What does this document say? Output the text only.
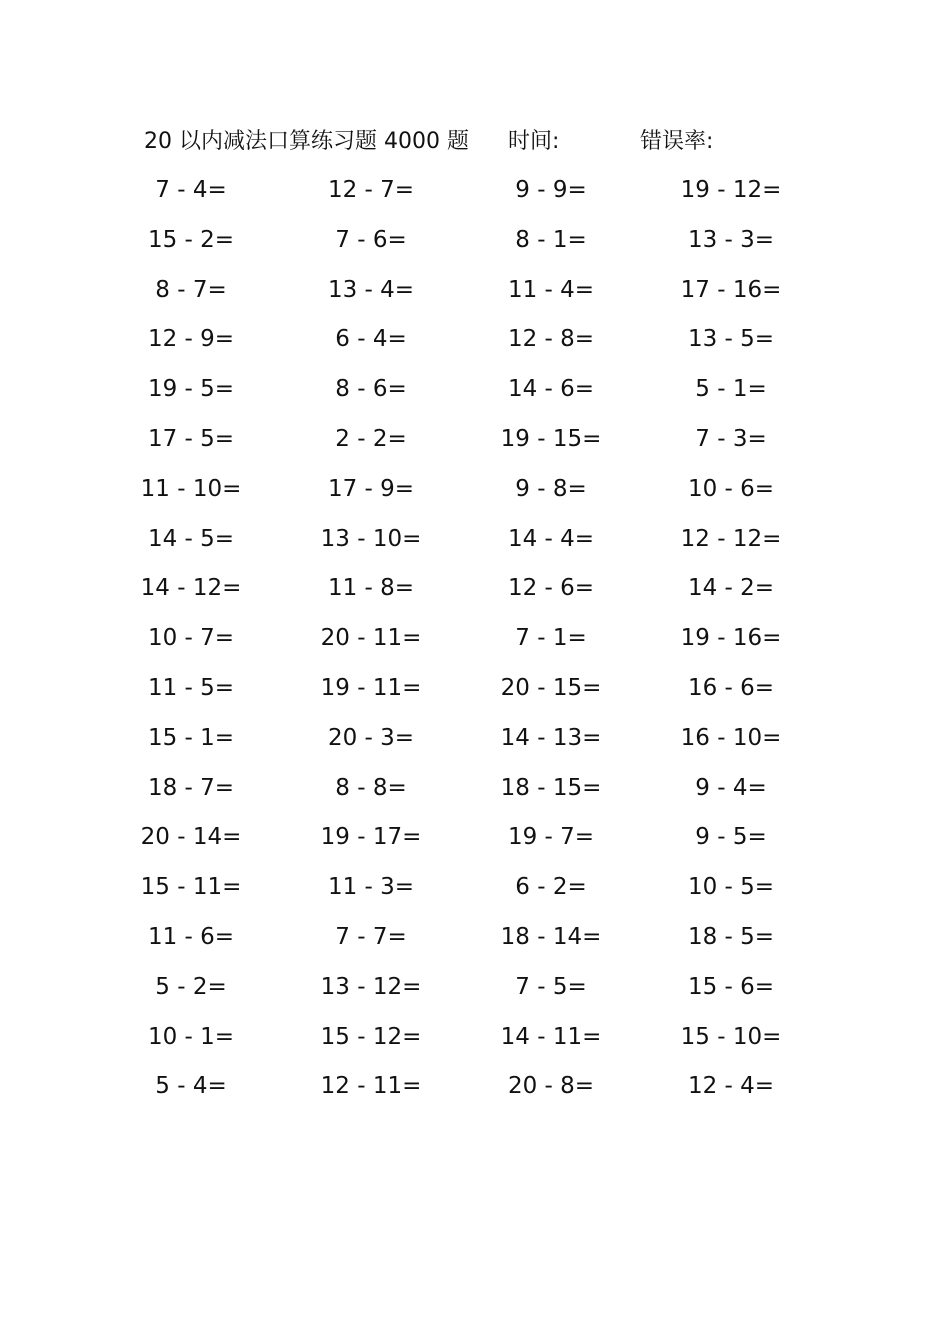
20 以内减法口算练习题 4000 题 时间:	错误率:
7 - 4=	12 - 7=	9 - 9=	19 - 12=
15 - 2=	7 - 6=	8 - 1=	13 - 3=
8 - 7=	13 - 4=	11 - 4=	17 - 16=
12 - 9=	6 - 4=	12 - 8=	13 - 5=
19 - 5=	8 - 6=	14 - 6=	5 - 1=
17 - 5=	2 - 2=	19 - 15=	7 - 3=
11 - 10=	17 - 9=	9 - 8=	10 - 6=
14 - 5=	13 - 10=	14 - 4=	12 - 12=
14 - 12=	11 - 8=	12 - 6=	14 - 2=
10 - 7=	20 - 11=	7 - 1=	19 - 16=
11 - 5=	19 - 11=	20 - 15=	16 - 6=
15 - 1=	20 - 3=	14 - 13=	16 - 10=
18 - 7=	8 - 8=	18 - 15=	9 - 4=
20 - 14=	19 - 17=	19 - 7=	9 - 5=
15 - 11=	11 - 3=	6 - 2=	10 - 5=
11 - 6=	7 - 7=	18 - 14=	18 - 5=
5 - 2=	13 - 12=	7 - 5=	15 - 6=
10 - 1=	15 - 12=	14 - 11=	15 - 10=
5 - 4=	12 - 11=	20 - 8=	12 - 4=
